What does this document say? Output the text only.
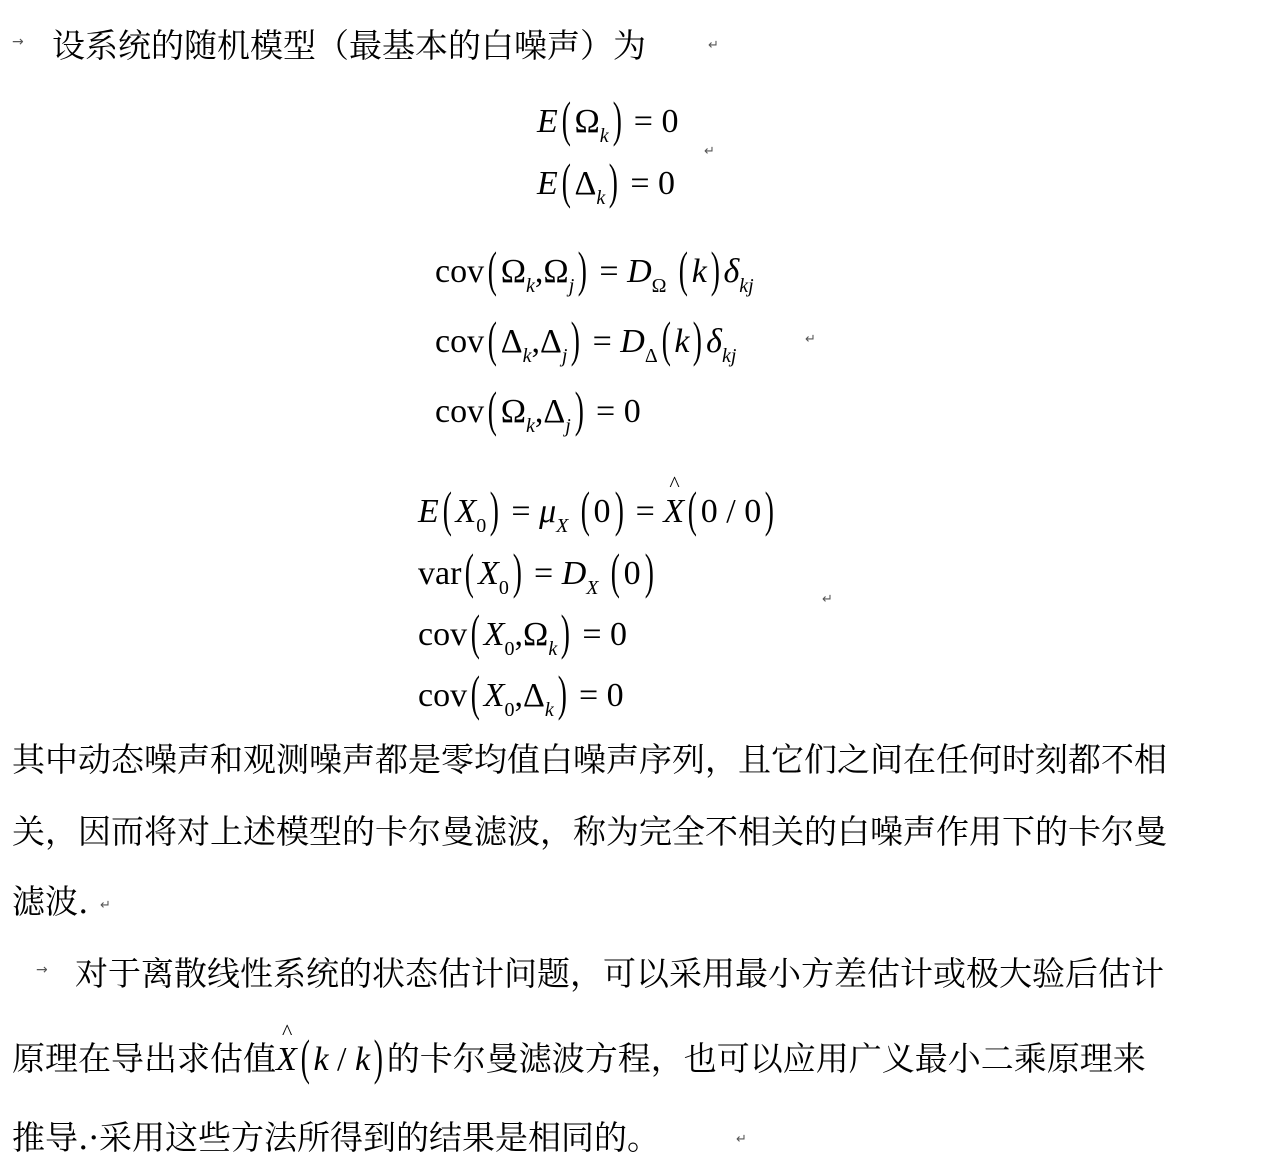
→ 设系统的随机模型（最基本的白噪声）为	↵
E( $\Omega_k) = 0$
E( $\Delta_k) = 0$
↵
cov( $\Omega_k,\Omega_j) = D_\Omega$ ( k) $\delta_{kj}$
cov( $\Delta_k,\Delta_j) = D_\Delta$( k) $\delta_{kj}$
↵
cov( $\Omega_k,\Delta_j) = 0$
E( $X_0) = \mu_X$ ( 0) = ^ X( 0 / 0)
var( $X_0) = D_X$ ( 0)
↵
cov( $X_0,\Omega_k) = 0$
cov( $X_0,\Delta_k) = 0$
其中动态噪声和观测噪声都是零均值白噪声序列，且它们之间在任何时刻都不相
关，因而将对上述模型的卡尔曼滤波，称为完全不相关的白噪声作用下的卡尔曼
滤波. ↵
→ 对于离散线性系统的状态估计问题，可以采用最小方差估计或极大验后估计
原理在导出求估值^ X( k / k) 的卡尔曼滤波方程，也可以应用广义最小二乘原理来
推导.·采用这些方法所得到的结果是相同的。	↵
